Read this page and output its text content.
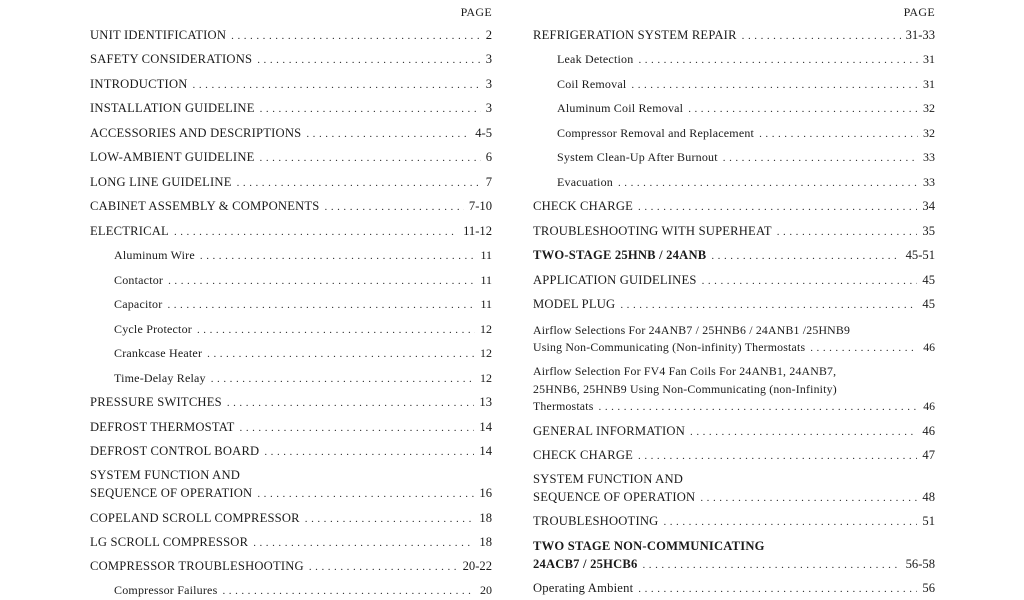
PAGE
UNIT IDENTIFICATION . . .	2
SAFETY CONSIDERATIONS . . .	3
INTRODUCTION . . .	3
INSTALLATION GUIDELINE . . .	3
ACCESSORIES AND DESCRIPTIONS . . .	4-5
LOW-AMBIENT GUIDELINE . . .	6
LONG LINE GUIDELINE . . .	7
CABINET ASSEMBLY & COMPONENTS . . .	7-10
ELECTRICAL . . .	11-12
Aluminum Wire . . .	11
Contactor . . .	11
Capacitor . . .	11
Cycle Protector . . .	12
Crankcase Heater . . .	12
Time-Delay Relay . . .	12
PRESSURE SWITCHES . . .	13
DEFROST THERMOSTAT . . .	14
DEFROST CONTROL BOARD . . .	14
SYSTEM FUNCTION AND
SEQUENCE OF OPERATION . . .	16
COPELAND SCROLL COMPRESSOR . . .	18
LG SCROLL COMPRESSOR . . .	18
COMPRESSOR TROUBLESHOOTING . . .	20-22
Compressor Failures . . .	20
PAGE
REFRIGERATION SYSTEM REPAIR . . .	31-33
Leak Detection . . .	31
Coil Removal . . .	31
Aluminum Coil Removal . . .	32
Compressor Removal and Replacement . . .	32
System Clean-Up After Burnout . . .	33
Evacuation . . .	33
CHECK CHARGE . . .	34
TROUBLESHOOTING WITH SUPERHEAT . . .	35
TWO-STAGE 25HNB / 24ANB . . .	45-51
APPLICATION GUIDELINES . . .	45
MODEL PLUG . . .	45
Airflow Selections For 24ANB7 / 25HNB6 / 24ANB1 /25HNB9
Using Non-Communicating (Non-infinity) Thermostats . . .	46
Airflow Selection For FV4 Fan Coils For 24ANB1, 24ANB7,
25HNB6, 25HNB9 Using Non-Communicating (non-Infinity)
Thermostats . . .	46
GENERAL INFORMATION . . .	46
CHECK CHARGE . . .	47
SYSTEM FUNCTION AND
SEQUENCE OF OPERATION . . .	48
TROUBLESHOOTING . . .	51
TWO STAGE NON-COMMUNICATING
24ACB7 / 25HCB6 . . .	56-58
Operating Ambient . . .	56
